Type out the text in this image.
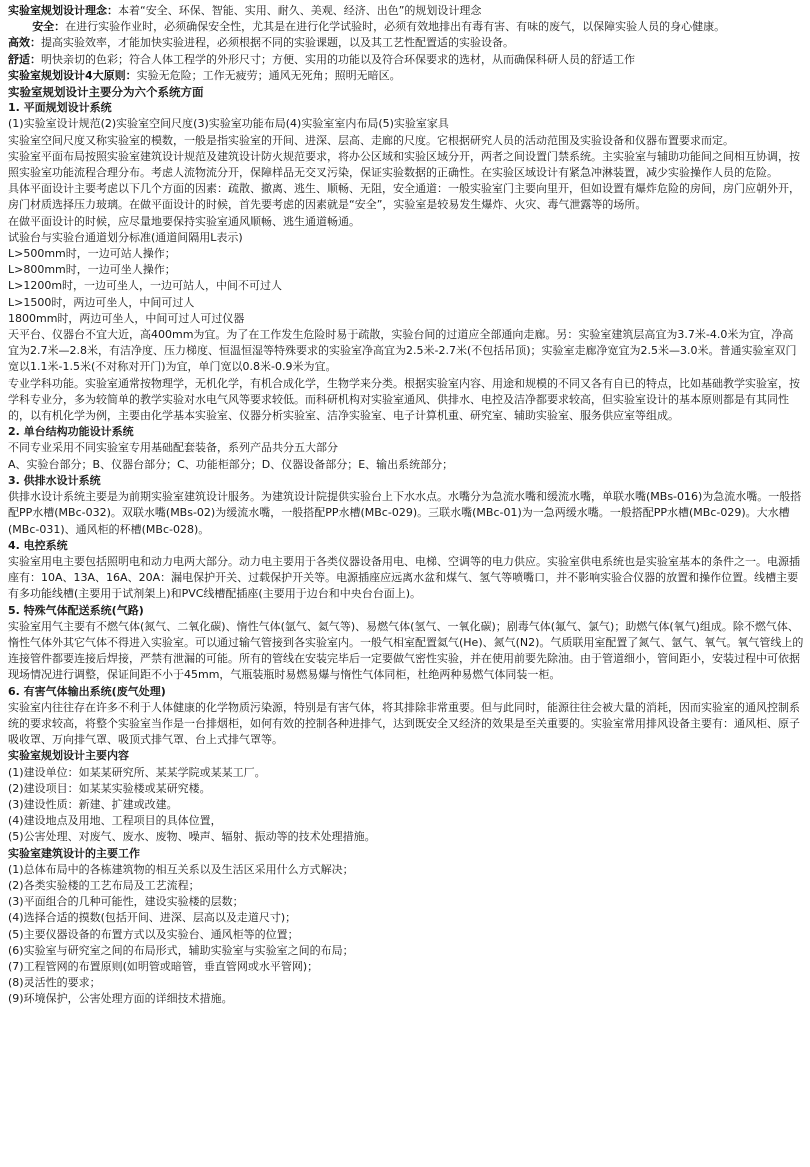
实验室规划设计理念：本着“安全、环保、智能、实用、耐久、美观、经济、出色”的规划设计理念

安全：在进行实验作业时，必须确保安全性，尤其是在进行化学试验时，必须有效地排出有毒有害、有味的废气，以保障实验人员的身心健康。

高效：提高实验效率，才能加快实验进程，必须根据不同的实验课题，以及其工艺性配置适的实验设备。

舒适：明快亲切的色彩；符合人体工程学的外形尺寸；方便、实用的功能以及符合环保要求的选材，从而确保科研人员的舒适工作

实验室规划设计4大原则：实验无危险；工作无疲劳；通风无死角；照明无暗区。

实验室规划设计主要分为六个系统方面

1. 平面规划设计系统

(1)实验室设计规范(2)实验室空间尺度(3)实验室功能布局(4)实验室室内布局(5)实验室家具

实验室空间尺度又称实验室的模数，一般是指实验室的开间、进深、层高、走廊的尺度。它根据研究人员的活动范围及实验设备和仪器布置要求而定。

实验室平面布局按照实验室建筑设计规范及建筑设计防火规范要求，将办公区域和实验区域分开，两者之间设置门禁系统。主实验室与辅助功能间之间相互协调，按照实验室功能流程合理分布。考虑人流物流分开，保障样品无交叉污染，保证实验数据的正确性。在实验区域设计有紧急冲淋装置，减少实验操作人员的危险。

具体平面设计主要考虑以下几个方面的因素：疏散、撤离、逃生、顺畅、无阻，安全通道：一般实验室门主要向里开，但如设置有爆炸危险的房间，房门应朝外开，房门材质选择压力玻璃。在做平面设计的时候，首先要考虑的因素就是“安全”，实验室是较易发生爆炸、火灾、毒气泄露等的场所。

在做平面设计的时候，应尽量地要保持实验室通风顺畅、逃生通道畅通。

试验台与实验台通道划分标准(通道间隔用L表示)

L>500mm时，一边可站人操作；

L>800mm时，一边可坐人操作；

L>1200m时，一边可坐人，一边可站人，中间不可过人

L>1500时，两边可坐人，中间可过人

1800mm时，两边可坐人，中间可过人可过仪器

天平台、仪器台不宜大近，高400mm为宜。为了在工作发生危险时易于疏散，实验台间的过道应全部通向走廊。另：实验室建筑层高宜为3.7米-4.0米为宜，净高宜为2.7米—2.8米，有洁净度、压力梯度、恒温恒湿等特殊要求的实验室净高宜为2.5米-2.7米(不包括吊顶)；实验室走廊净宽宜为2.5米—3.0米。普通实验室双门宽以1.1米-1.5米(不对称对开门)为宜，单门宽以0.8米-0.9米为宜。

专业学科功能。实验室通常按物理学，无机化学，有机合成化学，生物学来分类。根据实验室内容、用途和规模的不同又各有自已的特点，比如基础教学实验室，按学科专业分，多为较简单的教学实验对水电气风等要求较低。而科研机构对实验室通风、供排水、电控及洁净都要求较高，但实验室设计的基本原则都是有其同性的，以有机化学为例，主要由化学基本实验室、仪器分析实验室、洁净实验室、电子计算机重、研究室、辅助实验室、服务供应室等组成。

2. 单台结构功能设计系统

不同专业采用不同实验室专用基础配套装备，系列产品共分五大部分

A、实验台部分；B、仪器台部分；C、功能柜部分；D、仪器设备部分；E、输出系统部分；

3. 供排水设计系统

供排水设计系统主要是为前期实验室建筑设计服务。为建筑设计院提供实验台上下水水点。水嘴分为急流水嘴和缓流水嘴，单联水嘴(MBs-016)为急流水嘴。一般搭配PP水槽(MBc-032)。双联水嘴(MBs-02)为缓流水嘴，一般搭配PP水槽(MBc-029)。三联水嘴(MBc-01)为一急两缓水嘴。一般搭配PP水槽(MBc-029)。大水槽(MBc-031)、通风柜的杯槽(MBc-028)。

4. 电控系统

实验室用电主要包括照明电和动力电两大部分。动力电主要用于各类仪器设备用电、电梯、空调等的电力供应。实验室供电系统也是实验室基本的条件之一。电源插座有：10A、13A、16A、20A：漏电保护开关、过载保护开关等。电源插座应远离水盆和煤气、氢气等喷嘴口，并不影响实验合仪器的放置和操作位置。线槽主要有多功能线槽(主要用于试剂架上)和PVC线槽配插座(主要用于边台和中央台台面上)。

5. 特殊气体配送系统(气路)

实验室用气主要有不燃气体(氮气、二氧化碳)、惰性气体(氩气、氦气等)、易燃气体(氢气、一氧化碳)；剧毒气体(氟气、氯气)；助燃气体(氧气)组成。除不燃气体、惰性气体外其它气体不得进入实验室。可以通过输气管接到各实验室内。一般气相室配置氦气(He)、氮气(N2)。气质联用室配置了氮气、氩气、氧气。氧气管线上的连接管件都要连接后焊接，严禁有泄漏的可能。所有的管线在安装完毕后一定要做气密性实验，并在使用前要先除油。由于管道细小，管间距小，安装过程中可依据现场情况进行调整，保证间距不小于45mm，气瓶装瓶时易燃易爆与惰性气体同柜，杜绝两种易燃气体同装一柜。

6. 有害气体输出系统(废气处理)

实验室内往往存在许多不利于人体健康的化学物质污染源，特别是有害气体，将其排除非常重要。但与此同时，能源往往会被大量的消耗，因而实验室的通风控制系统的要求较高，将整个实验室当作是一台排烟柜，如何有效的控制各种进排气，达到既安全又经济的效果是至关重要的。实验室常用排风设备主要有：通风柜、原子吸收罩、万向排气罩、吸顶式排气罩、台上式排气罩等。

实验室规划设计主要内容

(1)建设单位：如某某研究所、某某学院或某某工厂。

(2)建设项目：如某某实验楼或某研究楼。

(3)建设性质：新建、扩建或改建。

(4)建设地点及用地、工程项目的具体位置，

(5)公害处理、对废气、废水、废物、噪声、辐射、振动等的技术处理措施。

实验室建筑设计的主要工作

(1)总体布局中的各栋建筑物的相互关系以及生活区采用什么方式解决；

(2)各类实验楼的工艺布局及工艺流程；

(3)平面组合的几种可能性，建设实验楼的层数；

(4)选择合适的摸数(包括开间、进深、层高以及走道尺寸)；

(5)主要仪器设备的布置方式以及实验台、通风柜等的位置；

(6)实验室与研究室之间的布局形式，辅助实验室与实验室之间的布局；

(7)工程管网的布置原则(如明管或暗管，垂直管网或水平管网)；

(8)灵活性的要求；

(9)环境保护，公害处理方面的详细技术措施。
